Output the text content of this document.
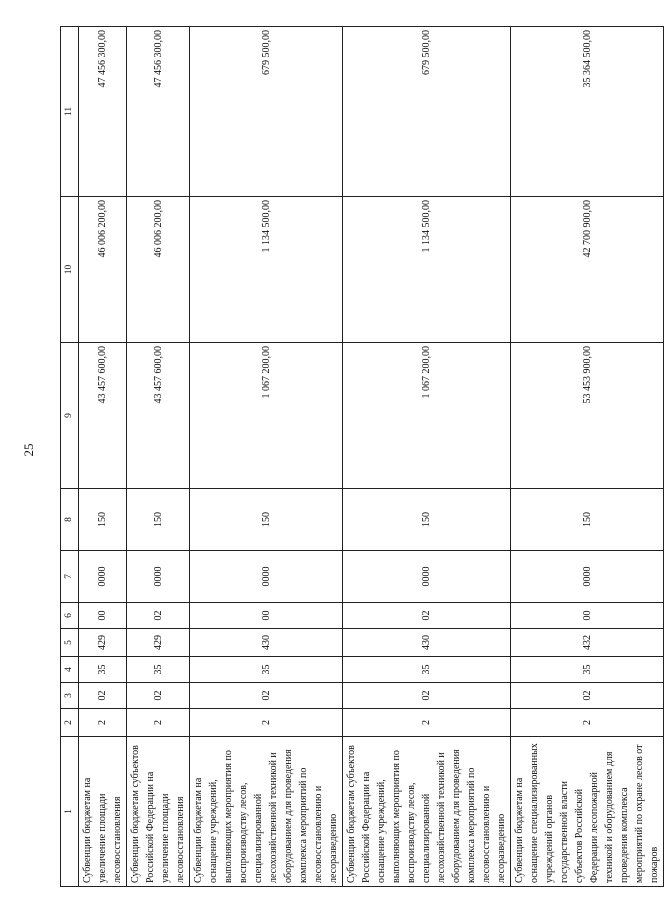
25
1	2	3	4	5	6	7	8	9	10	11
Субвенции бюджетам на увеличение площади лесовосстановления	2	02	35	429	00	0000	150	43 457 600,00	46 006 200,00	47 456 300,00
Субвенции бюджетам субъектов Российской Федерации на увеличение площади лесовосстановления	2	02	35	429	02	0000	150	43 457 600,00	46 006 200,00	47 456 300,00
Субвенции бюджетам на оснащение учреждений, выполняющих мероприятия по воспроизводству лесов, специализированной лесохозяйственной техникой и оборудованием для проведения комплекса мероприятий по лесовосстановлению и лесоразведению	2	02	35	430	00	0000	150	1 067 200,00	1 134 500,00	679 500,00
Субвенции бюджетам субъектов Российской Федерации на оснащение учреждений, выполняющих мероприятия по воспроизводству лесов, специализированной лесохозяйственной техникой и оборудованием для проведения комплекса мероприятий по лесовосстановлению и лесоразведению	2	02	35	430	02	0000	150	1 067 200,00	1 134 500,00	679 500,00
Субвенции бюджетам на оснащение специализированных учреждений органов государственной власти субъектов Российской Федерации лесопожарной техникой и оборудованием для проведения комплекса мероприятий по охране лесов от пожаров	2	02	35	432	00	0000	150	53 453 900,00	42 700 900,00	35 364 500,00
